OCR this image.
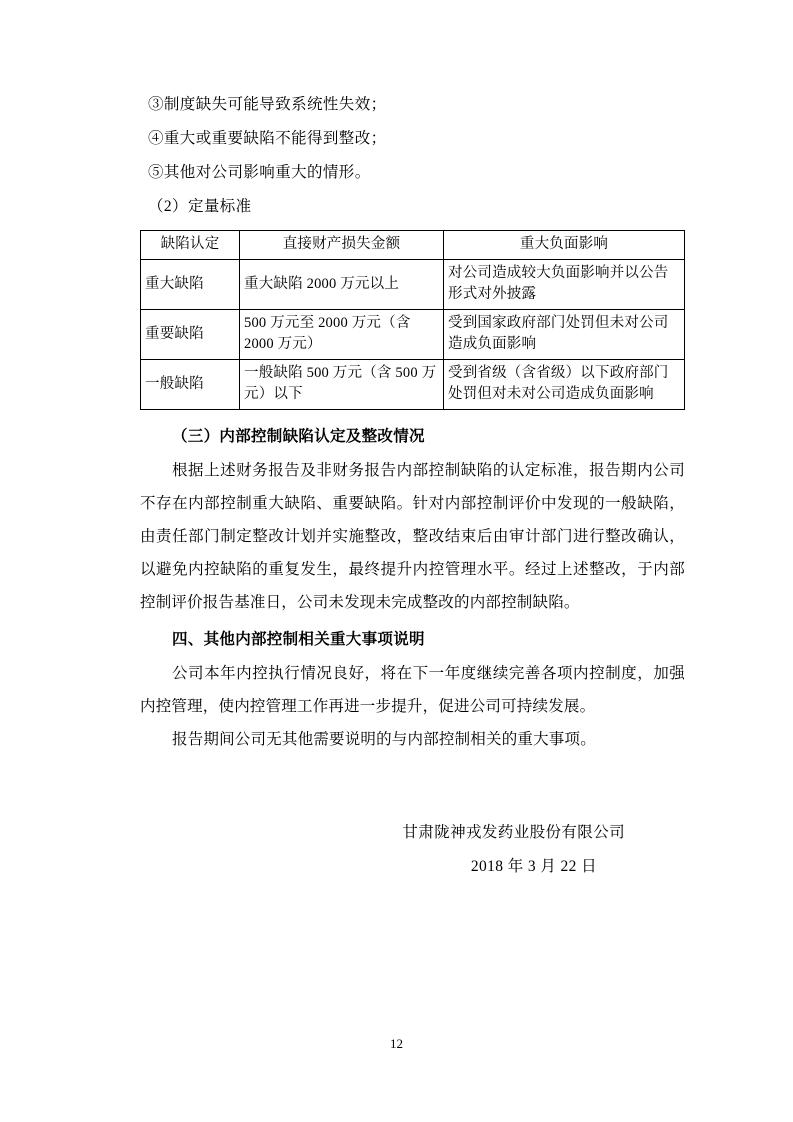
③制度缺失可能导致系统性失效；

④重大或重要缺陷不能得到整改；

⑤其他对公司影响重大的情形。

（2）定量标准

缺陷认定	直接财产损失金额	重大负面影响
重大缺陷	重大缺陷 2000 万元以上	对公司造成较大负面影响并以公告形式对外披露
重要缺陷	500 万元至 2000 万元（含 2000 万元）	受到国家政府部门处罚但未对公司造成负面影响
一般缺陷	一般缺陷 500 万元（含 500 万元）以下	受到省级（含省级）以下政府部门处罚但对未对公司造成负面影响

（三）内部控制缺陷认定及整改情况

根据上述财务报告及非财务报告内部控制缺陷的认定标准，报告期内公司不存在内部控制重大缺陷、重要缺陷。针对内部控制评价中发现的一般缺陷，由责任部门制定整改计划并实施整改，整改结束后由审计部门进行整改确认，以避免内控缺陷的重复发生，最终提升内控管理水平。经过上述整改，于内部控制评价报告基准日，公司未发现未完成整改的内部控制缺陷。

四、其他内部控制相关重大事项说明

公司本年内控执行情况良好，将在下一年度继续完善各项内控制度，加强内控管理，使内控管理工作再进一步提升，促进公司可持续发展。

报告期间公司无其他需要说明的与内部控制相关的重大事项。

甘肃陇神戎发药业股份有限公司
2018 年 3 月 22 日
12
